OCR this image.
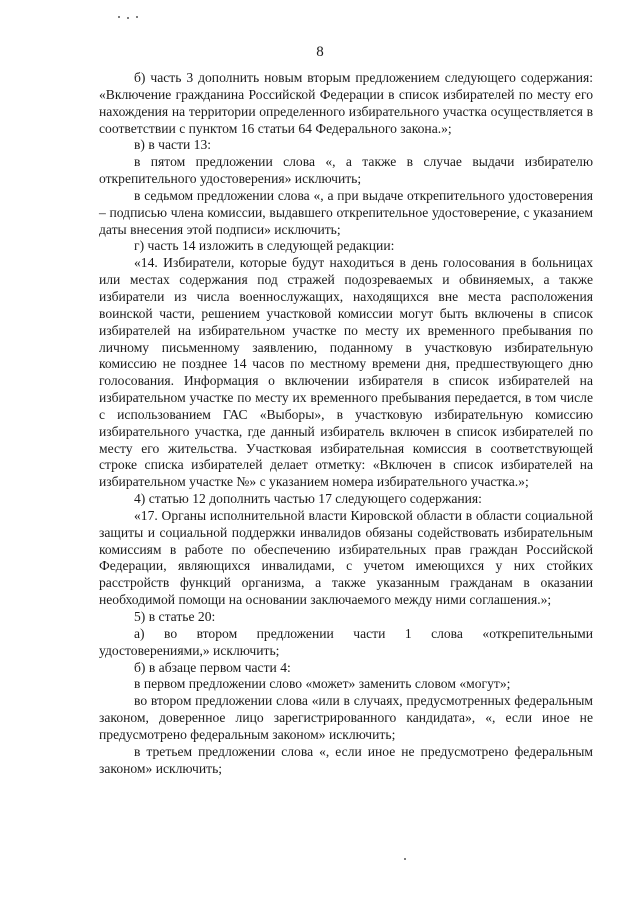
8

б) часть 3 дополнить новым вторым предложением следующего содержания: «Включение гражданина Российской Федерации в список избирателей по месту его нахождения на территории определенного избирательного участка осуществляется в соответствии с пунктом 16 статьи 64 Федерального закона.»;

в) в части 13:

в пятом предложении слова «, а также в случае выдачи избирателю открепительного удостоверения» исключить;

в седьмом предложении слова «, а при выдаче открепительного удостоверения – подписью члена комиссии, выдавшего открепительное удостоверение, с указанием даты внесения этой подписи» исключить;

г) часть 14 изложить в следующей редакции:

«14. Избиратели, которые будут находиться в день голосования в больницах или местах содержания под стражей подозреваемых и обвиняемых, а также избиратели из числа военнослужащих, находящихся вне места расположения воинской части, решением участковой комиссии могут быть включены в список избирателей на избирательном участке по месту их временного пребывания по личному письменному заявлению, поданному в участковую избирательную комиссию не позднее 14 часов по местному времени дня, предшествующего дню голосования. Информация о включении избирателя в список избирателей на избирательном участке по месту их временного пребывания передается, в том числе с использованием ГАС «Выборы», в участковую избирательную комиссию избирательного участка, где данный избиратель включен в список избирателей по месту его жительства. Участковая избирательная комиссия в соответствующей строке списка избирателей делает отметку: «Включен в список избирателей на избирательном участке №» с указанием номера избирательного участка.»;

4) статью 12 дополнить частью 17 следующего содержания:

«17. Органы исполнительной власти Кировской области в области социальной защиты и социальной поддержки инвалидов обязаны содействовать избирательным комиссиям в работе по обеспечению избирательных прав граждан Российской Федерации, являющихся инвалидами, с учетом имеющихся у них стойких расстройств функций организма, а также указанным гражданам в оказании необходимой помощи на основании заключаемого между ними соглашения.»;

5) в статье 20:

а) во втором предложении части 1 слова «открепительными удостоверениями,» исключить;

б) в абзаце первом части 4:

в первом предложении слово «может» заменить словом «могут»;

во втором предложении слова «или в случаях, предусмотренных федеральным законом, доверенное лицо зарегистрированного кандидата», «, если иное не предусмотрено федеральным законом» исключить;

в третьем предложении слова «, если иное не предусмотрено федеральным законом» исключить;
